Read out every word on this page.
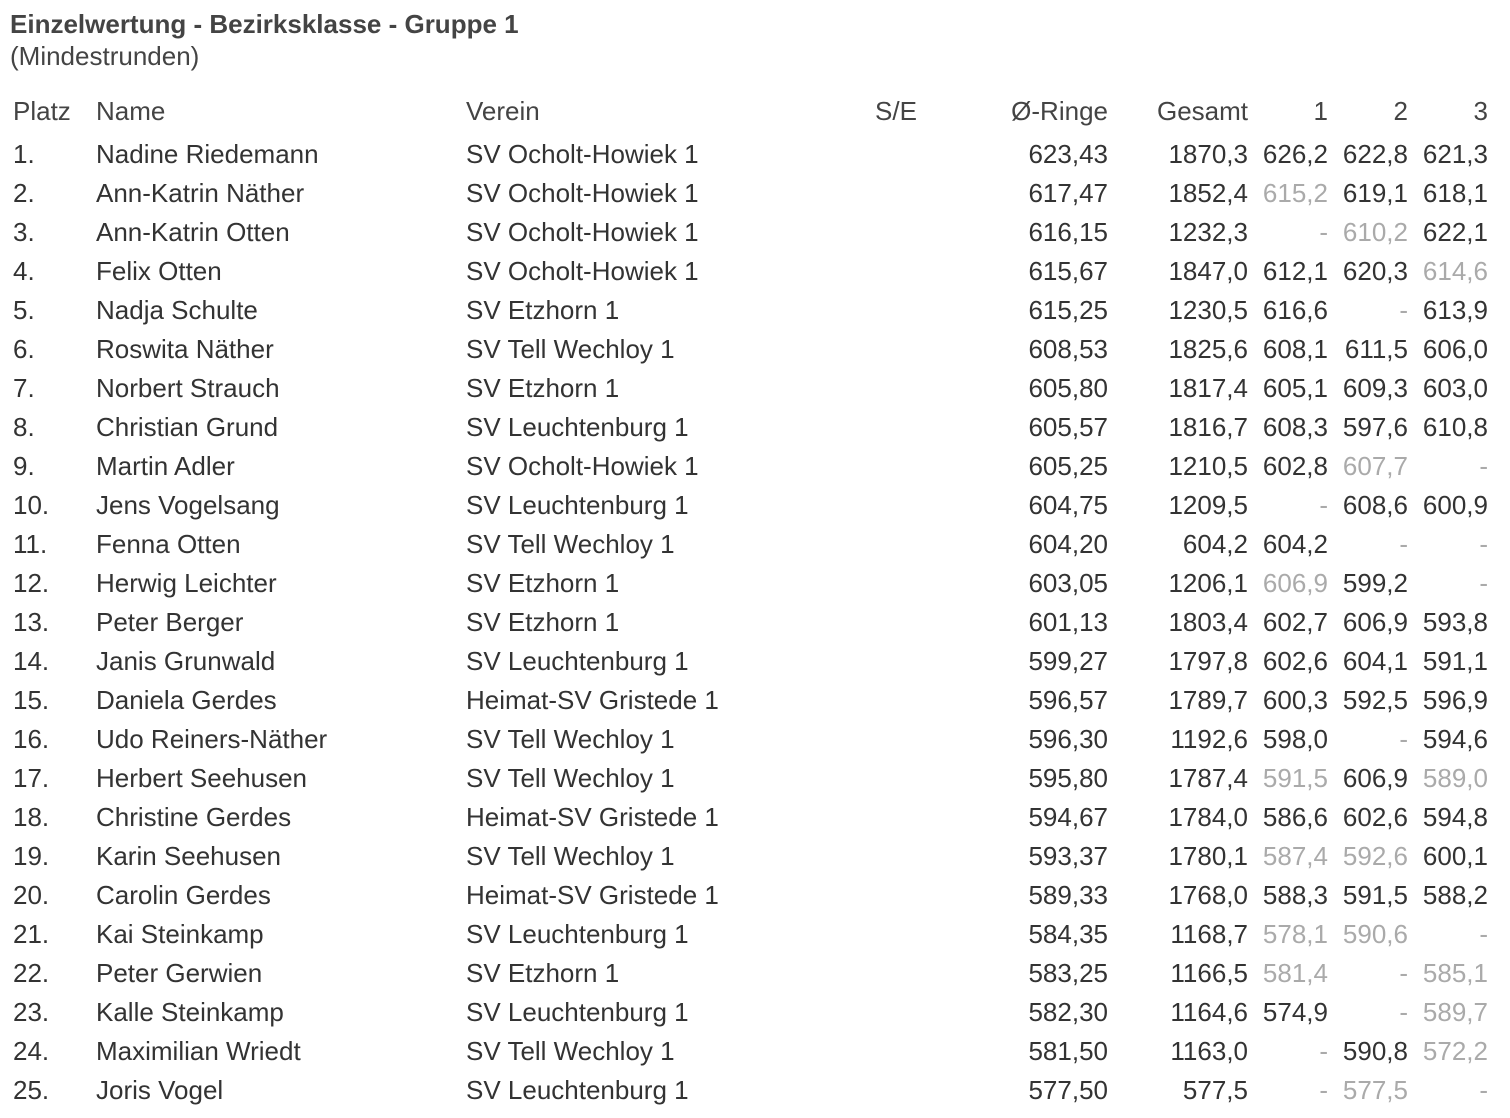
Einzelwertung - Bezirksklasse - Gruppe 1
(Mindestrunden)
Platz	Name	Verein	S/E	Ø-Ringe	Gesamt	1	2	3
1.	Nadine Riedemann	SV Ocholt-Howiek 1		623,43	1870,3	626,2	622,8	621,3
2.	Ann-Katrin Näther	SV Ocholt-Howiek 1		617,47	1852,4	615,2	619,1	618,1
3.	Ann-Katrin Otten	SV Ocholt-Howiek 1		616,15	1232,3	-	610,2	622,1
4.	Felix Otten	SV Ocholt-Howiek 1		615,67	1847,0	612,1	620,3	614,6
5.	Nadja Schulte	SV Etzhorn 1		615,25	1230,5	616,6	-	613,9
6.	Roswita Näther	SV Tell Wechloy 1		608,53	1825,6	608,1	611,5	606,0
7.	Norbert Strauch	SV Etzhorn 1		605,80	1817,4	605,1	609,3	603,0
8.	Christian Grund	SV Leuchtenburg 1		605,57	1816,7	608,3	597,6	610,8
9.	Martin Adler	SV Ocholt-Howiek 1		605,25	1210,5	602,8	607,7	-
10.	Jens Vogelsang	SV Leuchtenburg 1		604,75	1209,5	-	608,6	600,9
11.	Fenna Otten	SV Tell Wechloy 1		604,20	604,2	604,2	-	-
12.	Herwig Leichter	SV Etzhorn 1		603,05	1206,1	606,9	599,2	-
13.	Peter Berger	SV Etzhorn 1		601,13	1803,4	602,7	606,9	593,8
14.	Janis Grunwald	SV Leuchtenburg 1		599,27	1797,8	602,6	604,1	591,1
15.	Daniela Gerdes	Heimat-SV Gristede 1		596,57	1789,7	600,3	592,5	596,9
16.	Udo Reiners-Näther	SV Tell Wechloy 1		596,30	1192,6	598,0	-	594,6
17.	Herbert Seehusen	SV Tell Wechloy 1		595,80	1787,4	591,5	606,9	589,0
18.	Christine Gerdes	Heimat-SV Gristede 1		594,67	1784,0	586,6	602,6	594,8
19.	Karin Seehusen	SV Tell Wechloy 1		593,37	1780,1	587,4	592,6	600,1
20.	Carolin Gerdes	Heimat-SV Gristede 1		589,33	1768,0	588,3	591,5	588,2
21.	Kai Steinkamp	SV Leuchtenburg 1		584,35	1168,7	578,1	590,6	-
22.	Peter Gerwien	SV Etzhorn 1		583,25	1166,5	581,4	-	585,1
23.	Kalle Steinkamp	SV Leuchtenburg 1		582,30	1164,6	574,9	-	589,7
24.	Maximilian Wriedt	SV Tell Wechloy 1		581,50	1163,0	-	590,8	572,2
25.	Joris Vogel	SV Leuchtenburg 1		577,50	577,5	-	577,5	-
